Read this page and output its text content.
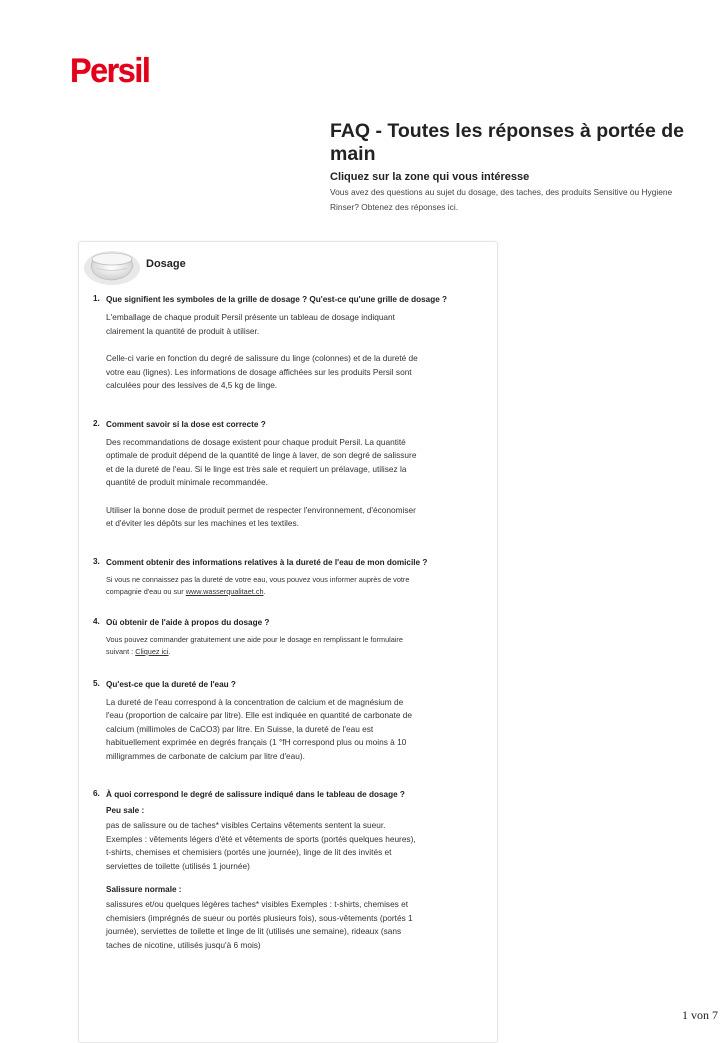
Persil
FAQ - Toutes les réponses à portée de main
Cliquez sur la zone qui vous intéresse

Vous avez des questions au sujet du dosage, des taches, des produits Sensitive ou Hygiene Rinser? Obtenez des réponses ici.

Dosage
1. Que signifient les symboles de la grille de dosage ? Qu'est-ce qu'une grille de dosage ?

L'emballage de chaque produit Persil présente un tableau de dosage indiquant clairement la quantité de produit à utiliser.

Celle-ci varie en fonction du degré de salissure du linge (colonnes) et de la dureté de votre eau (lignes). Les informations de dosage affichées sur les produits Persil sont calculées pour des lessives de 4,5 kg de linge.

2. Comment savoir si la dose est correcte ?

Des recommandations de dosage existent pour chaque produit Persil. La quantité optimale de produit dépend de la quantité de linge à laver, de son degré de salissure et de la dureté de l'eau. Si le linge est très sale et requiert un prélavage, utilisez la quantité de produit minimale recommandée.

Utiliser la bonne dose de produit permet de respecter l'environnement, d'économiser et d'éviter les dépôts sur les machines et les textiles.

3. Comment obtenir des informations relatives à la dureté de l'eau de mon domicile ?

Si vous ne connaissez pas la dureté de votre eau, vous pouvez vous informer auprès de votre compagnie d'eau ou sur www.wasserqualitaet.ch.

4. Où obtenir de l'aide à propos du dosage ?

Vous pouvez commander gratuitement une aide pour le dosage en remplissant le formulaire suivant : Cliquez ici.

5. Qu'est-ce que la dureté de l'eau ?

La dureté de l'eau correspond à la concentration de calcium et de magnésium de l'eau (proportion de calcaire par litre). Elle est indiquée en quantité de carbonate de calcium (millimoles de CaCO3) par litre. En Suisse, la dureté de l'eau est habituellement exprimée en degrés français (1 °fH correspond plus ou moins à 10 milligrammes de carbonate de calcium par litre d'eau).

6. À quoi correspond le degré de salissure indiqué dans le tableau de dosage ?

Peu sale :

pas de salissure ou de taches* visibles Certains vêtements sentent la sueur. Exemples : vêtements légers d'été et vêtements de sports (portés quelques heures), t-shirts, chemises et chemisiers (portés une journée), linge de lit des invités et serviettes de toilette (utilisés 1 journée)

Salissure normale :

salissures et/ou quelques légères taches* visibles Exemples : t-shirts, chemises et chemisiers (imprégnés de sueur ou portés plusieurs fois), sous-vêtements (portés 1 journée), serviettes de toilette et linge de lit (utilisés une semaine), rideaux (sans taches de nicotine, utilisés jusqu'à 6 mois)

1 von 7
